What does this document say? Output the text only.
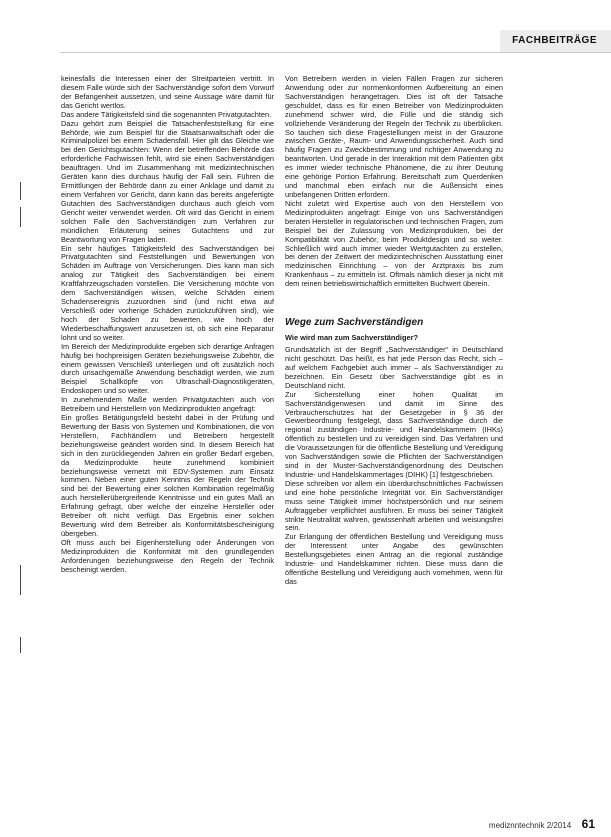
FACHBEITRÄGE

keinesfalls die Interessen einer der Streitparteien vertritt. In diesem Falle würde sich der Sachverständige sofort dem Vorwurf der Befangenheit aussetzen, und seine Aussage wäre damit für das Gericht wertlos.

Das andere Tätigkeitsfeld sind die sogenannten Privatgutachten.

Dazu gehört zum Beispiel die Tatsachenfeststellung für eine Behörde, wie zum Beispiel für die Staatsanwaltschaft oder die Kriminalpolizei bei einem Schadensfall. Hier gilt das Gleiche wie bei den Gerichtsgutachten: Wenn der betreffenden Behörde das erforderliche Fachwissen fehlt, wird sie einen Sachverständigen beauftragen. Und im Zusammenhang mit medizintechnischen Geräten kann dies durchaus häufig der Fall sein. Führen die Ermittlungen der Behörde dann zu einer Anklage und damit zu einem Verfahren vor Gericht, dann kann das bereits angefertigte Gutachten des Sachverständigen durchaus auch gleich vom Gericht weiter verwendet werden. Oft wird das Gericht in einem solchen Falle den Sachverständigen zum Verfahren zur mündlichen Erläuterung seines Gutachtens und zur Beantwortung von Fragen laden.

Ein sehr häufiges Tätigkeitsfeld des Sachverständigen bei Privatgutachten sind Feststellungen und Bewertungen von Schäden im Auftrage von Versicherungen. Dies kann man sich analog zur Tätigkeit des Sachverständigen bei einem Kraftfahrzeugschaden vorstellen. Die Versicherung möchte von dem Sachverständigen wissen, welche Schäden einem Schadensereignis zuzuordnen sind (und nicht etwa auf Verschleiß oder vorherige Schäden zurückzuführen sind), wie hoch der Schaden zu bewerten, wie hoch der Wiederbeschaffungswert anzusetzen ist, ob sich eine Reparatur lohnt und so weiter.

Im Bereich der Medizinprodukte ergeben sich derartige Anfragen häufig bei hochpreisigen Geräten beziehungsweise Zubehör, die einem gewissen Verschleiß unterliegen und oft zusätzlich noch durch unsachgemäße Anwendung beschädigt werden, wie zum Beispiel Schallköpfe von Ultraschall-Diagnostikgeräten, Endoskopen und so weiter.

In zunehmendem Maße werden Privatgutachten auch von Betreibern und Herstellern von Medizinprodukten angefragt:

Ein großes Betätigungsfeld besteht dabei in der Prüfung und Bewertung der Basis von Systemen und Kombinationen, die von Herstellern, Fachhändlern und Betreibern hergestellt beziehungsweise geändert worden sind. In diesem Bereich hat sich in den zurückliegenden Jahren ein großer Bedarf ergeben, da Medizinprodukte heute zunehmend kombiniert beziehungsweise vernetzt mit EDV-Systemen zum Einsatz kommen. Neben einer guten Kenntnis der Regeln der Technik sind bei der Bewertung einer solchen Kombination regelmäßig auch herstellerübergreifende Kenntnisse und ein gutes Maß an Erfahrung gefragt, über welche der einzelne Hersteller oder Betreiber oft nicht verfügt. Das Ergebnis einer solchen Bewertung wird dem Betreiber als Konformitätsbescheinigung übergeben.

Oft muss auch bei Eigenherstellung oder Änderungen von Medizinprodukten die Konformität mit den grundlegenden Anforderungen beziehungsweise den Regeln der Technik bescheinigt werden.

Von Betreibern werden in vielen Fällen Fragen zur sicheren Anwendung oder zur normenkonformen Aufbereitung an einen Sachverständigen herangetragen. Dies ist oft der Tatsache geschuldet, dass es für einen Betreiber von Medizinprodukten zunehmend schwer wird, die Fülle und die ständig sich vollziehende Veränderung der Regeln der Technik zu überblicken. So tauchen sich diese Fragestellungen meist in der Grauzone zwischen Geräte-, Raum- und Anwendungssicherheit. Auch sind häufig Fragen zu Zweckbestimmung und richtiger Anwendung zu beantworten. Und gerade in der Interaktion mit dem Patienten gibt es immer wieder technische Phänomene, die zu ihrer Deutung eine gehörige Portion Erfahrung. Bereitschaft zum Querdenken und manchmal eben einfach nur die Außensicht eines unbefangenen Dritten erfordern.

Nicht zuletzt wird Expertise auch von den Herstellern von Medizinprodukten angefragt: Einige von uns Sachverständigen beraten Hersteller in regulatorischen und technischen Fragen, zum Beispiel bei der Zulassung von Medizinprodukten, bei der Kompatibilität von Zubehör, beim Produktdesign und so weiter. Schließlich wird auch immer wieder Wertgutachten zu erstellen, bei denen der Zeitwert der medizintechnischen Ausstattung einer medizinischen Einrichtung – von der Arztpraxis bis zum Krankenhaus – zu ermitteln ist. Oftmals nämlich dieser ja nicht mit dem reinen betriebswirtschaftlich ermittelten Buchwert überein.

Wege zum Sachverständigen

Wie wird man zum Sachverständiger?

Grundsätzlich ist der Begriff „Sachverständiger“ in Deutschland nicht geschützt. Das heißt, es hat jede Person das Recht, sich – auf welchem Fachgebiet auch immer – als Sachverständiger zu bezeichnen. Ein Gesetz über Sachverständige gibt es in Deutschland nicht.

Zur Sicherstellung einer hohen Qualität im Sachverständigenwesen und damit im Sinne des Verbraucherschutzes hat der Gesetzgeber in § 36 der Gewerbeordnung festgelegt, dass Sachverständige durch die regional zuständigen Industrie- und Handelskammern (IHKs) öffentlich zu bestellen und zu vereidigen sind. Das Verfahren und die Voraussetzungen für die öffentliche Bestellung und Vereidigung von Sachverständigen sowie die Pflichten der Sachverständigen sind in der Muster-Sachverständigenordnung des Deutschen Industrie- und Handelskammertages (DIHK) [1] festgeschrieben.

Diese schreiben vor allem ein überdurchschnittliches Fachwissen und eine hohe persönliche Integrität vor. Ein Sachverständiger muss seine Tätigkeit immer höchstpersönlich und nur seinem Auftraggeber verpflichtet ausführen. Er muss bei seiner Tätigkeit strikte Neutralität wahren, gewissenhaft arbeiten und weisungsfrei sein.

Zur Erlangung der öffentlichen Bestellung und Vereidigung muss der Interessent unter Angabe des gewünschten Bestellungsgebietes einen Antrag an die regional zuständige Industrie- und Handelskammer richten. Diese muss dann die öffentliche Bestellung und Vereidigung auch vornehmen, wenn für das

mediznntechnik 2/2014 61
